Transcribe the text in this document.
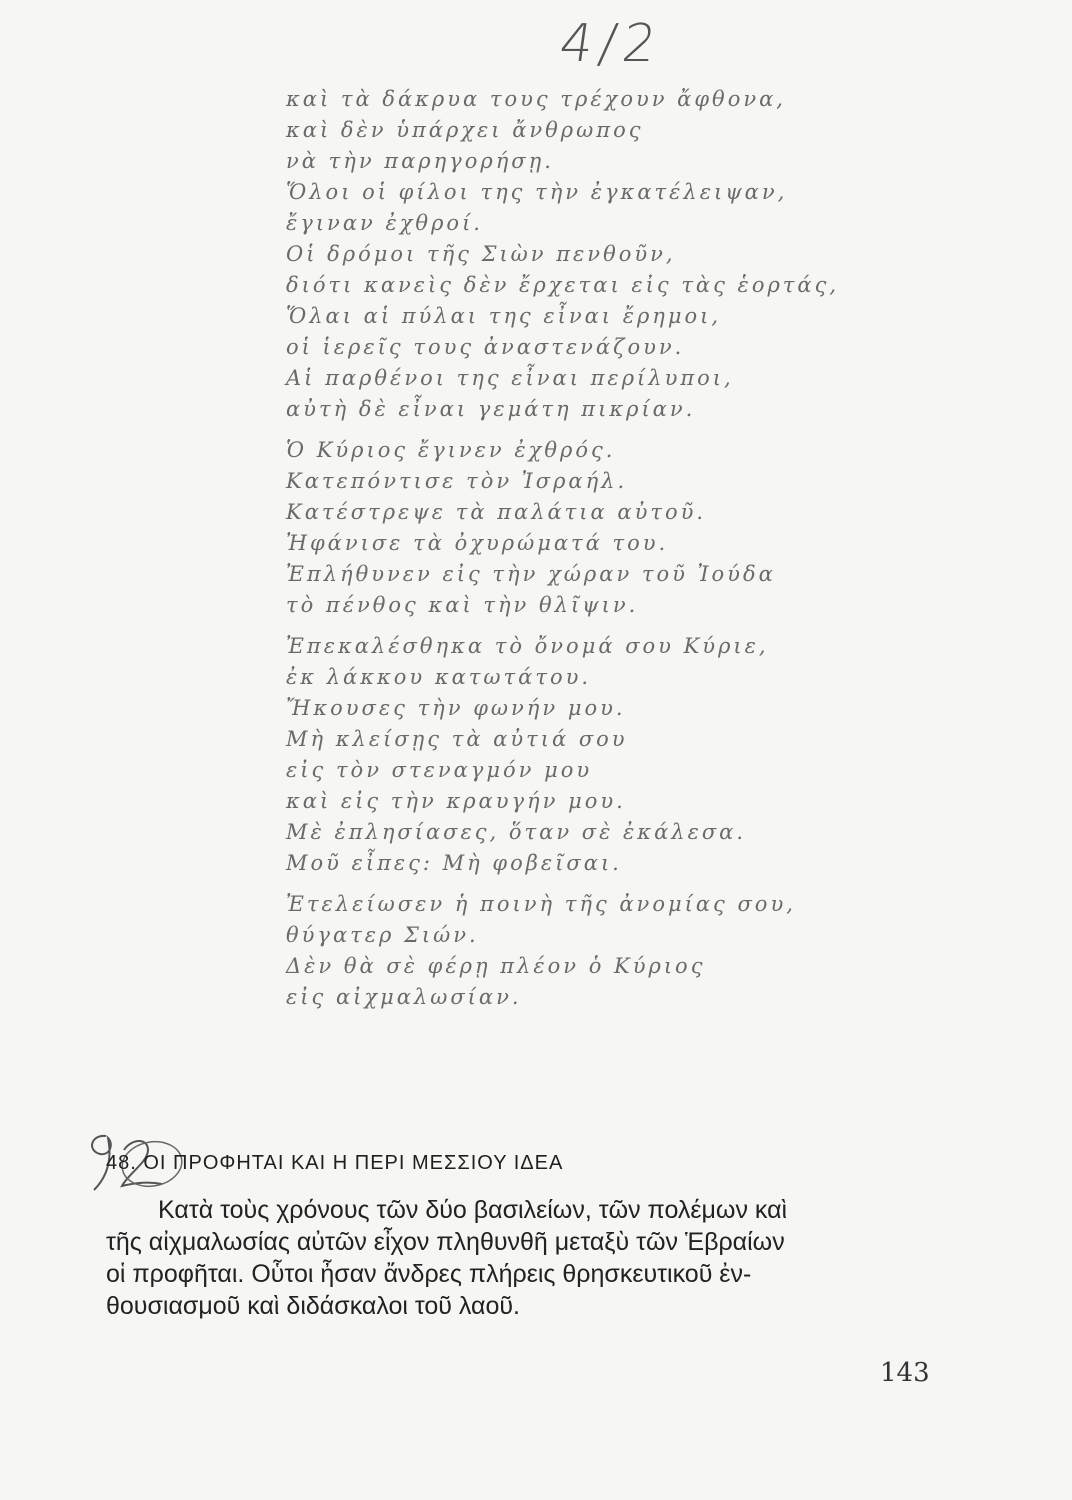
4/2
καὶ τὰ δάκρυα τους τρέχουν ἄφθονα,
καὶ δὲν ὑπάρχει ἄνθρωπος
νὰ τὴν παρηγορήσῃ.
Ὅλοι οἱ φίλοι της τὴν ἐγκατέλειψαν,
ἔγιναν ἐχθροί.
Οἱ δρόμοι τῆς Σιὼν πενθοῦν,
διότι κανεὶς δὲν ἔρχεται εἰς τὰς ἑορτάς,
Ὅλαι αἱ πύλαι της εἶναι ἔρημοι,
οἱ ἱερεῖς τους ἀναστενάζουν.
Αἱ παρθένοι της εἶναι περίλυποι,
αὐτὴ δὲ εἶναι γεμάτη πικρίαν.
Ὁ Κύριος ἔγινεν ἐχθρός.
Κατεπόντισε τὸν Ἰσραήλ.
Κατέστρεψε τὰ παλάτια αὐτοῦ.
Ἠφάνισε τὰ ὀχυρώματά του.
Ἐπλήθυνεν εἰς τὴν χώραν τοῦ Ἰούδα
τὸ πένθος καὶ τὴν θλῖψιν.
Ἐπεκαλέσθηκα τὸ ὄνομά σου Κύριε,
ἐκ λάκκου κατωτάτου.
Ἤκουσες τὴν φωνήν μου.
Μὴ κλείσῃς τὰ αὐτιά σου
εἰς τὸν στεναγμόν μου
καὶ εἰς τὴν κραυγήν μου.
Μὲ ἐπλησίασες, ὅταν σὲ ἐκάλεσα.
Μοῦ εἶπες: Μὴ φοβεῖσαι.
Ἐτελείωσεν ἡ ποινὴ τῆς ἀνομίας σου,
θύγατερ Σιών.
Δὲν θὰ σὲ φέρῃ πλέον ὁ Κύριος
εἰς αἰχμαλωσίαν.
48. ΟΙ ΠΡΟΦΗΤΑΙ ΚΑΙ Η ΠΕΡΙ ΜΕΣΣΙΟΥ ΙΔΕΑ
Κατὰ τοὺς χρόνους τῶν δύο βασιλείων, τῶν πολέμων καὶ
τῆς αἰχμαλωσίας αὐτῶν εἶχον πληθυνθῆ μεταξὺ τῶν Ἑβραίων
οἱ προφῆται. Οὗτοι ἦσαν ἄνδρες πλήρεις θρησκευτικοῦ ἐν-
θουσιασμοῦ καὶ διδάσκαλοι τοῦ λαοῦ.
143
